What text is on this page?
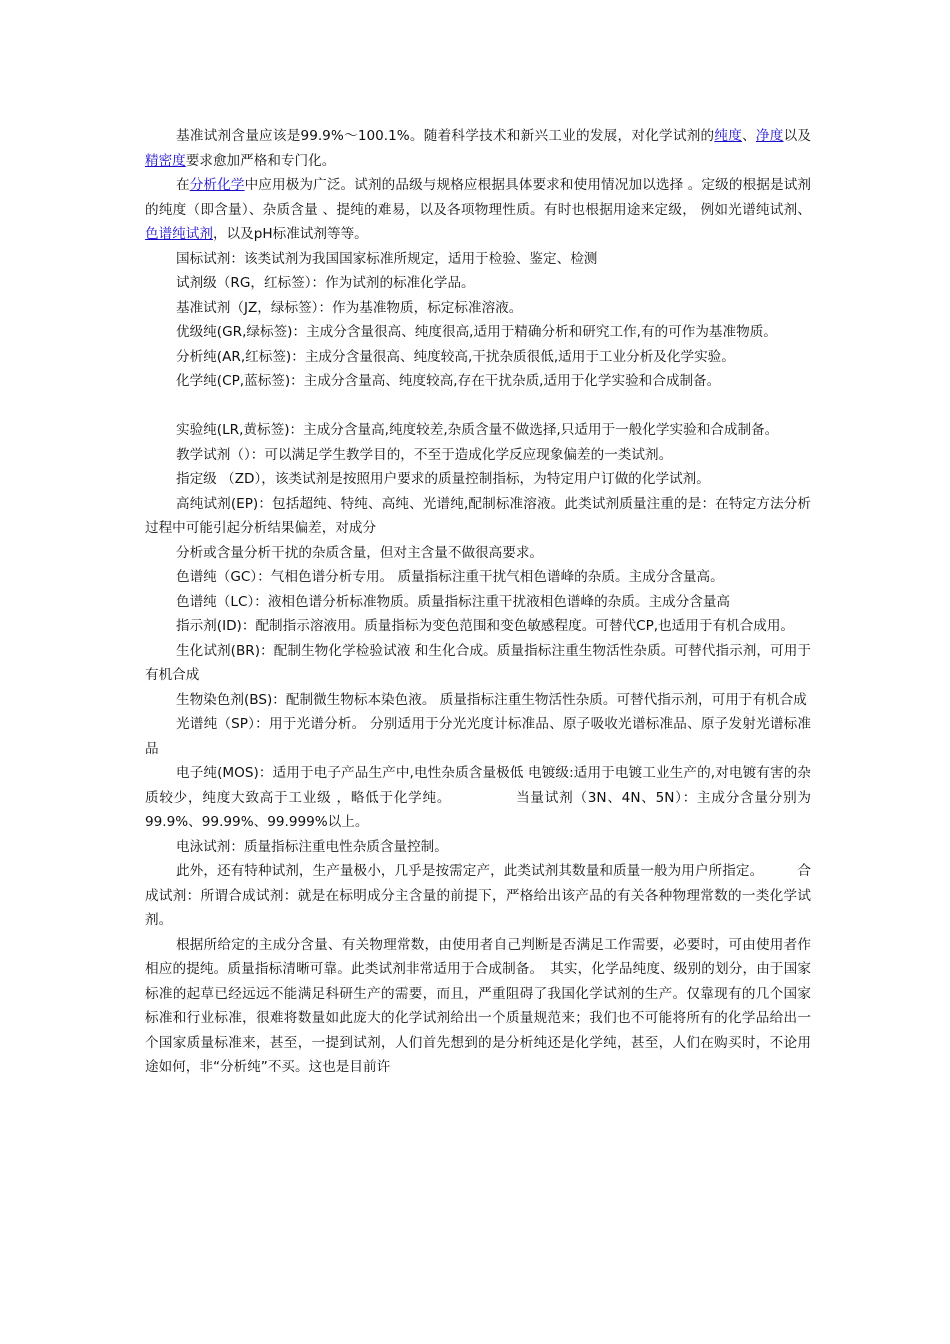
基准试剂含量应该是99.9%～100.1%。随着科学技术和新兴工业的发展，对化学试剂的纯度、净度以及精密度要求愈加严格和专门化。

在分析化学中应用极为广泛。试剂的品级与规格应根据具体要求和使用情况加以选择 。定级的根据是试剂的纯度（即含量）、杂质含量 、提纯的难易，以及各项物理性质。有时也根据用途来定级， 例如光谱纯试剂、色谱纯试剂，以及pH标准试剂等等。

国标试剂：该类试剂为我国国家标准所规定，适用于检验、鉴定、检测

试剂级（RG，红标签）：作为试剂的标准化学品。

基准试剂（JZ，绿标签）：作为基准物质，标定标准溶液。

优级纯(GR,绿标签)：主成分含量很高、纯度很高,适用于精确分析和研究工作,有的可作为基准物质。

分析纯(AR,红标签)：主成分含量很高、纯度较高,干扰杂质很低,适用于工业分析及化学实验。

化学纯(CP,蓝标签)：主成分含量高、纯度较高,存在干扰杂质,适用于化学实验和合成制备。

实验纯(LR,黄标签)：主成分含量高,纯度较差,杂质含量不做选择,只适用于一般化学实验和合成制备。

教学试剂（）：可以满足学生教学目的，不至于造成化学反应现象偏差的一类试剂。

指定级 （ZD），该类试剂是按照用户要求的质量控制指标，为特定用户订做的化学试剂。

高纯试剂(EP)：包括超纯、特纯、高纯、光谱纯,配制标准溶液。此类试剂质量注重的是：在特定方法分析过程中可能引起分析结果偏差，对成分

分析或含量分析干扰的杂质含量，但对主含量不做很高要求。

色谱纯（GC）：气相色谱分析专用。 质量指标注重干扰气相色谱峰的杂质。主成分含量高。

色谱纯（LC）：液相色谱分析标准物质。质量指标注重干扰液相色谱峰的杂质。主成分含量高

指示剂(ID)：配制指示溶液用。质量指标为变色范围和变色敏感程度。可替代CP,也适用于有机合成用。

生化试剂(BR)：配制生物化学检验试液 和生化合成。质量指标注重生物活性杂质。可替代指示剂，可用于有机合成

生物染色剂(BS)：配制微生物标本染色液。 质量指标注重生物活性杂质。可替代指示剂，可用于有机合成

光谱纯（SP）：用于光谱分析。 分别适用于分光光度计标准品、原子吸收光谱标准品、原子发射光谱标准品

电子纯(MOS)：适用于电子产品生产中,电性杂质含量极低 电镀级:适用于电镀工业生产的,对电镀有害的杂质较少，纯度大致高于工业级 ，略低于化学纯。　　　　　当量试剂（3N、4N、5N）：主成分含量分别为99.9%、99.99%、99.999%以上。

电泳试剂：质量指标注重电性杂质含量控制。

此外，还有特种试剂，生产量极小，几乎是按需定产，此类试剂其数量和质量一般为用户所指定。　　　合成试剂：所谓合成试剂：就是在标明成分主含量的前提下，严格给出该产品的有关各种物理常数的一类化学试剂。

根据所给定的主成分含量、有关物理常数，由使用者自己判断是否满足工作需要，必要时，可由使用者作相应的提纯。质量指标清晰可靠。此类试剂非常适用于合成制备。　其实，化学品纯度、级别的划分，由于国家标准的起草已经远远不能满足科研生产的需要，而且，严重阻碍了我国化学试剂的生产。仅靠现有的几个国家标准和行业标准，很难将数量如此庞大的化学试剂给出一个质量规范来；我们也不可能将所有的化学品给出一个国家质量标准来，甚至，一提到试剂，人们首先想到的是分析纯还是化学纯，甚至，人们在购买时，不论用途如何，非“分析纯”不买。这也是目前许
